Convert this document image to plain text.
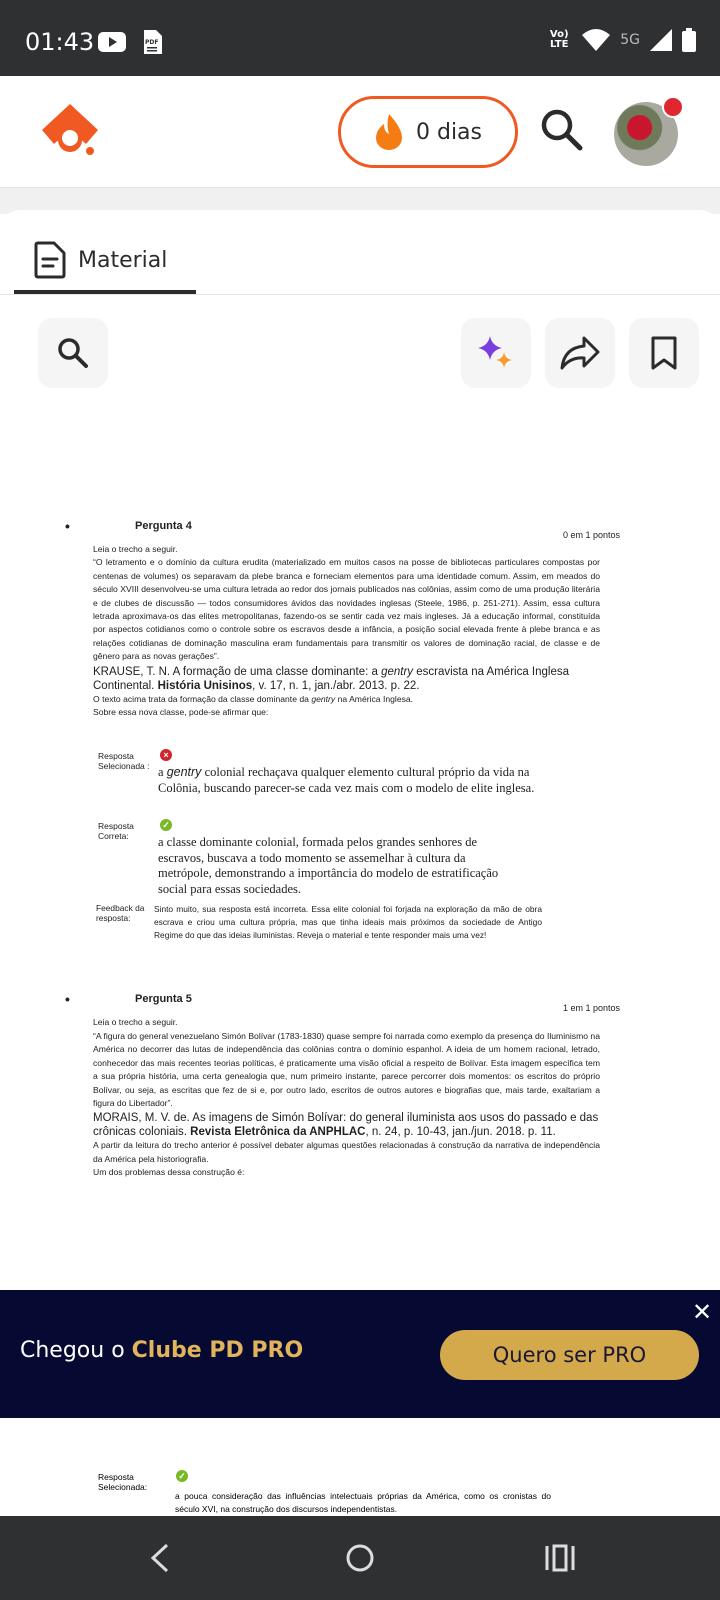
01:43	PDF
Vo) LTE	5G
0 dias
Material
• Pergunta 4
0 em 1 pontos
Leia o trecho a seguir.
“O letramento e o domínio da cultura erudita (materializado em muitos casos na posse de bibliotecas particulares compostas por centenas de volumes) os separavam da plebe branca e forneciam elementos para uma identidade comum. Assim, em meados do século XVIII desenvolveu-se uma cultura letrada ao redor dos jornais publicados nas colônias, assim como de uma produção literária e de clubes de discussão — todos consumidores ávidos das novidades inglesas (Steele, 1986, p. 251-271). Assim, essa cultura letrada aproximava-os das elites metropolitanas, fazendo-os se sentir cada vez mais ingleses. Já a educação informal, constituída por aspectos cotidianos como o controle sobre os escravos desde a infância, a posição social elevada frente à plebe branca e as relações cotidianas de dominação masculina eram fundamentais para transmitir os valores de dominação racial, de classe e de gênero para as novas gerações”.
KRAUSE, T. N. A formação de uma classe dominante: a gentry escravista na América Inglesa Continental. História Unisinos, v. 17, n. 1, jan./abr. 2013. p. 22.
O texto acima trata da formação da classe dominante da gentry na América Inglesa.
Sobre essa nova classe, pode-se afirmar que:
Resposta Selecionada :
×
a gentry colonial rechaçava qualquer elemento cultural próprio da vida na Colônia, buscando parecer-se cada vez mais com o modelo de elite inglesa.
Resposta Correta:
✓
a classe dominante colonial, formada pelos grandes senhores de escravos, buscava a todo momento se assemelhar à cultura da metrópole, demonstrando a importância do modelo de estratificação social para essas sociedades.
Feedback da resposta:
Sinto muito, sua resposta está incorreta. Essa elite colonial foi forjada na exploração da mão de obra escrava e criou uma cultura própria, mas que tinha ideais mais próximos da sociedade de Antigo Regime do que das ideias iluministas. Reveja o material e tente responder mais uma vez!
• Pergunta 5
1 em 1 pontos
Leia o trecho a seguir.
“A figura do general venezuelano Simón Bolívar (1783-1830) quase sempre foi narrada como exemplo da presença do Iluminismo na América no decorrer das lutas de independência das colônias contra o domínio espanhol. A ideia de um homem racional, letrado, conhecedor das mais recentes teorias políticas, é praticamente uma visão oficial a respeito de Bolívar. Esta imagem específica tem a sua própria história, uma certa genealogia que, num primeiro instante, parece percorrer dois momentos: os escritos do próprio Bolívar, ou seja, as escritas que fez de si e, por outro lado, escritos de outros autores e biografias que, mais tarde, exaltariam a figura do Libertador”.
MORAIS, M. V. de. As imagens de Simón Bolívar: do general iluminista aos usos do passado e das crônicas coloniais. Revista Eletrônica da ANPHLAC, n. 24, p. 10-43, jan./jun. 2018. p. 11.
A partir da leitura do trecho anterior é possível debater algumas questões relacionadas à construção da narrativa de independência da América pela historiografia.
Um dos problemas dessa construção é:
Chegou o Clube PD PRO	Quero ser PRO
✕
Resposta Selecionada:
✓
a pouca consideração das influências intelectuais próprias da América, como os cronistas do século XVI, na construção dos discursos independentistas.
